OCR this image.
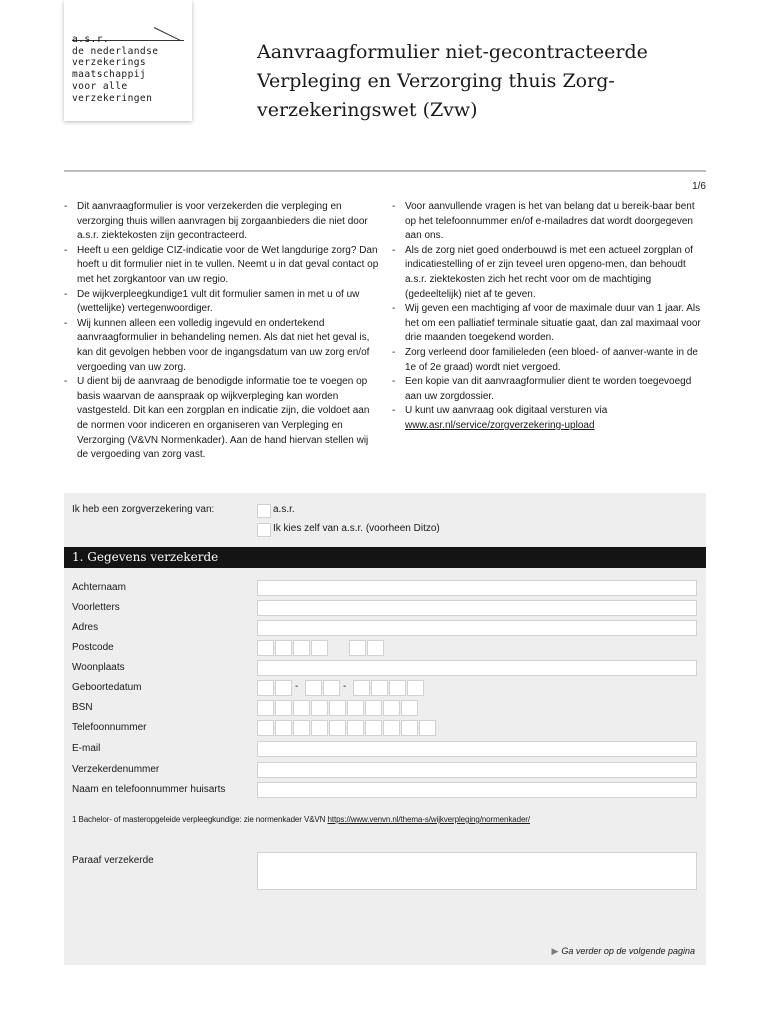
a.s.r.
de nederlandse
verzekerings
maatschappij
voor alle
verzekeringen
Aanvraagformulier niet-gecontracteerde Verpleging en Verzorging thuis Zorg-verzekeringswet (Zvw)
1/6
- Dit aanvraagformulier is voor verzekerden die verpleging en verzorging thuis willen aanvragen bij zorgaanbieders die niet door a.s.r. ziektekosten zijn gecontracteerd.
- Heeft u een geldige CIZ-indicatie voor de Wet langdurige zorg? Dan hoeft u dit formulier niet in te vullen. Neemt u in dat geval contact op met het zorgkantoor van uw regio.
- De wijkverpleegkundige1 vult dit formulier samen in met u of uw (wettelijke) vertegenwoordiger.
- Wij kunnen alleen een volledig ingevuld en ondertekend aanvraagformulier in behandeling nemen. Als dat niet het geval is, kan dit gevolgen hebben voor de ingangsdatum van uw zorg en/of vergoeding van uw zorg.
- U dient bij de aanvraag de benodigde informatie toe te voegen op basis waarvan de aanspraak op wijkverpleging kan worden vastgesteld. Dit kan een zorgplan en indicatie zijn, die voldoet aan de normen voor indiceren en organiseren van Verpleging en Verzorging (V&VN Normenkader). Aan de hand hiervan stellen wij de vergoeding van zorg vast.
- Voor aanvullende vragen is het van belang dat u bereik-baar bent op het telefoonnummer en/of e-mailadres dat wordt doorgegeven aan ons.
- Als de zorg niet goed onderbouwd is met een actueel zorgplan of indicatiestelling of er zijn teveel uren opgeno-men, dan behoudt a.s.r. ziektekosten zich het recht voor om de machtiging (gedeeltelijk) niet af te geven.
- Wij geven een machtiging af voor de maximale duur van 1 jaar. Als het om een palliatief terminale situatie gaat, dan zal maximaal voor drie maanden toegekend worden.
- Zorg verleend door familieleden (een bloed- of aanver-wante in de 1e of 2e graad) wordt niet vergoed.
- Een kopie van dit aanvraagformulier dient te worden toegevoegd aan uw zorgdossier.
- U kunt uw aanvraag ook digitaal versturen via
www.asr.nl/service/zorgverzekering-upload
Ik heb een zorgverzekering van:	a.s.r.
Ik kies zelf van a.s.r. (voorheen Ditzo)
1. Gegevens verzekerde
Achternaam
Voorletters
Adres
Postcode
Woonplaats
Geboortedatum	-	-
BSN
Telefoonnummer
E-mail
Verzekerdenummer
Naam en telefoonnummer huisarts
1 Bachelor- of masteropgeleide verpleegkundige: zie normenkader V&VN https://www.venvn.nl/thema-s/wijkverpleging/normenkader/
Paraaf verzekerde
▶ Ga verder op de volgende pagina
